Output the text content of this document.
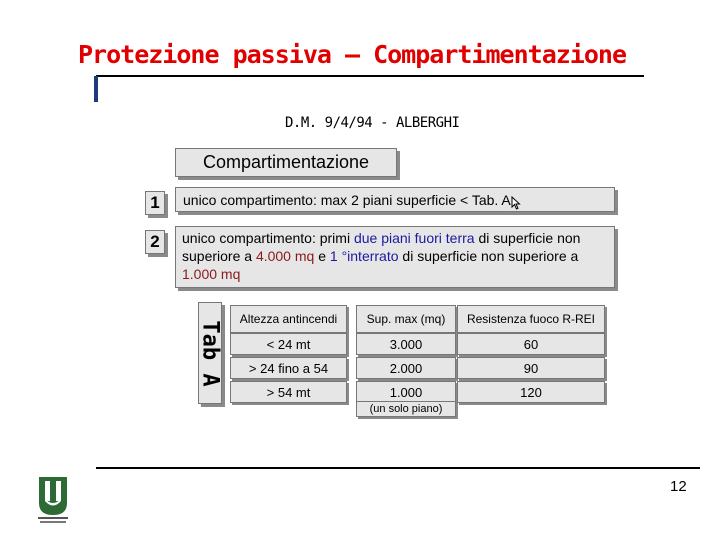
Protezione passiva – Compartimentazione
D.M. 9/4/94 - ALBERGHI
Compartimentazione
1	unico compartimento: max 2 piani superficie < Tab. A
2	unico compartimento: primi due piani fuori terra di superficie non superiore a 4.000 mq e 1 °interrato di superficie non superiore a 1.000 mq
Tab A
Altezza antincendi	Sup. max (mq)	Resistenza fuoco R-REI
< 24 mt	3.000	60
> 24 fino a 54	2.000	90
> 54 mt	1.000	120
(un solo piano)
12
